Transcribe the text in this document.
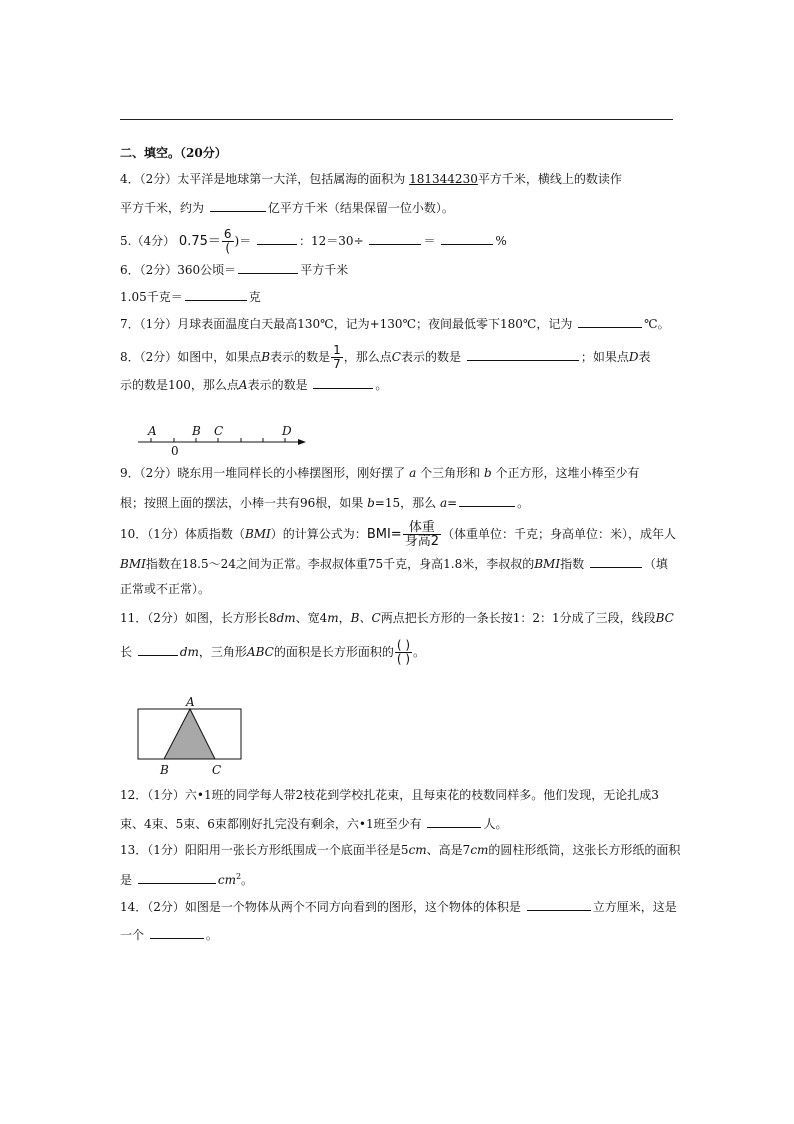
二、填空。（20分）
4．（2分）太平洋是地球第一大洋，包括属海的面积为 181344230平方千米，横线上的数读作
平方千米，约为	亿平方千米（结果保留一位小数）。
5.（4分） $0.75= \frac{6}{(}$ )＝	：12＝30÷	＝	%
6．（2分）360公顷＝	平方千米
1.05千克＝	克
7．（1分）月球表面温度白天最高130℃，记为+130℃；夜间最低零下180℃，记为	℃。
8．（2分）如图中，如果点B表示的数是 $\frac{1}{7}$ ，那么点C表示的数是	；如果点D表
示的数是100，那么点A表示的数是	。
A	B C	D
0
9．（2分）晓东用一堆同样长的小棒摆图形，刚好摆了 a 个三角形和 b 个正方形，这堆小棒至少有
根；按照上面的摆法，小棒一共有96根，如果 b=15，那么 a=	。
10．（1分）体质指数（BMI）的计算公式为：$BMI= \frac{\text{体重}}{\text{身高2}}$ （体重单位：千克；身高单位：米），成年人
BMI指数在18.5～24之间为正常。李叔叔体重75千克，身高1.8米，李叔叔的BMI指数	（填
正常或不正常）。
11．（2分）如图，长方形长8dm、宽4m，B、C两点把长方形的一条长按1：2：1分成了三段，线段BC
长	dm，三角形ABC的面积是长方形面积的 $\frac{( )}{( )}$ 。
A
B	C
12．（1分）六•1班的同学每人带2枝花到学校扎花束，且每束花的枝数同样多。他们发现，无论扎成3
束、4束、5束、6束都刚好扎完没有剩余，六•1班至少有	人。
13．（1分）阳阳用一张长方形纸围成一个底面半径是5cm、高是7cm的圆柱形纸筒，这张长方形纸的面积
是	$cm^2$。
14．（2分）如图是一个物体从两个不同方向看到的图形，这个物体的体积是	立方厘米，这是
一个	。
